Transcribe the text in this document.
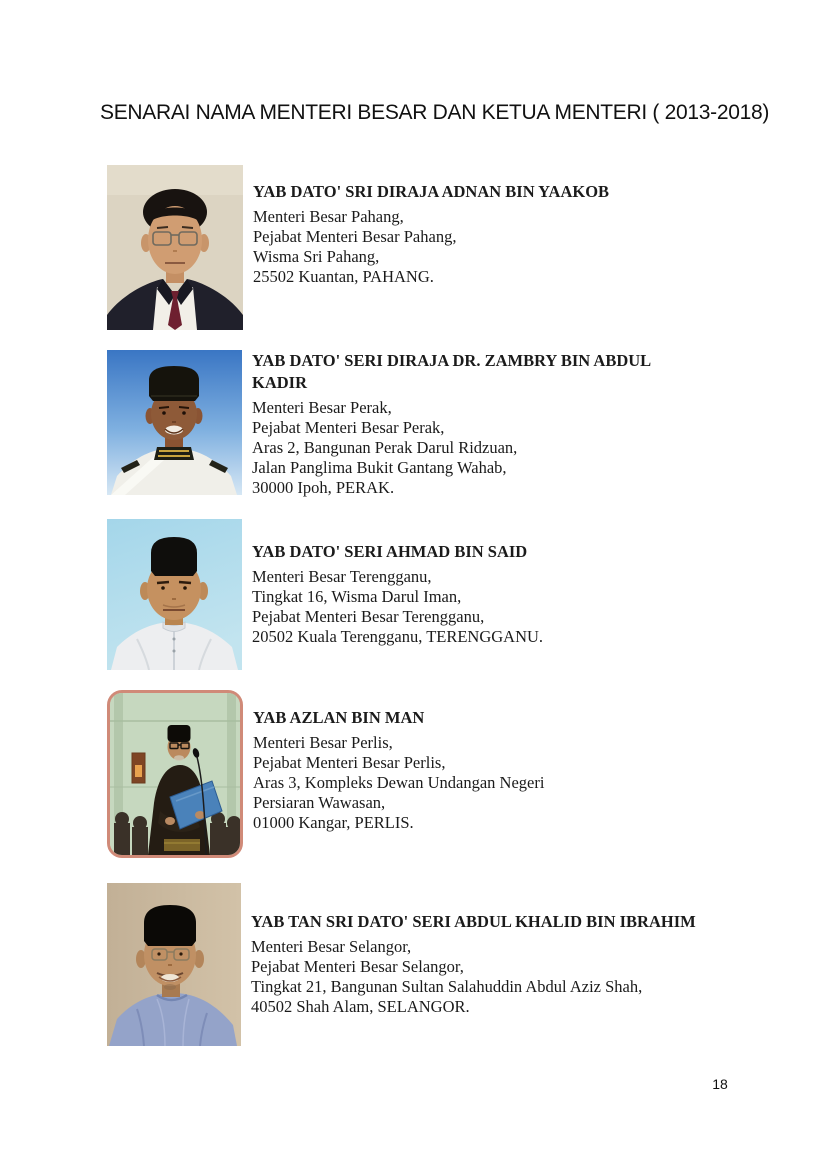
SENARAI NAMA MENTERI BESAR DAN KETUA MENTERI ( 2013-2018)
YAB DATO' SRI DIRAJA ADNAN BIN YAAKOB
Menteri Besar Pahang,
Pejabat Menteri Besar Pahang,
Wisma Sri Pahang,
25502 Kuantan, PAHANG.
YAB DATO' SERI DIRAJA DR. ZAMBRY BIN ABDUL
KADIR
Menteri Besar Perak,
Pejabat Menteri Besar Perak,
Aras 2, Bangunan Perak Darul Ridzuan,
Jalan Panglima Bukit Gantang Wahab,
30000 Ipoh, PERAK.
YAB DATO' SERI AHMAD BIN SAID
Menteri Besar Terengganu,
Tingkat 16, Wisma Darul Iman,
Pejabat Menteri Besar Terengganu,
20502 Kuala Terengganu, TERENGGANU.
YAB AZLAN BIN MAN
Menteri Besar Perlis,
Pejabat Menteri Besar Perlis,
Aras 3, Kompleks Dewan Undangan Negeri
Persiaran Wawasan,
01000 Kangar, PERLIS.
YAB TAN SRI DATO' SERI ABDUL KHALID BIN IBRAHIM
Menteri Besar Selangor,
Pejabat Menteri Besar Selangor,
Tingkat 21, Bangunan Sultan Salahuddin Abdul Aziz Shah,
40502 Shah Alam, SELANGOR.
18
